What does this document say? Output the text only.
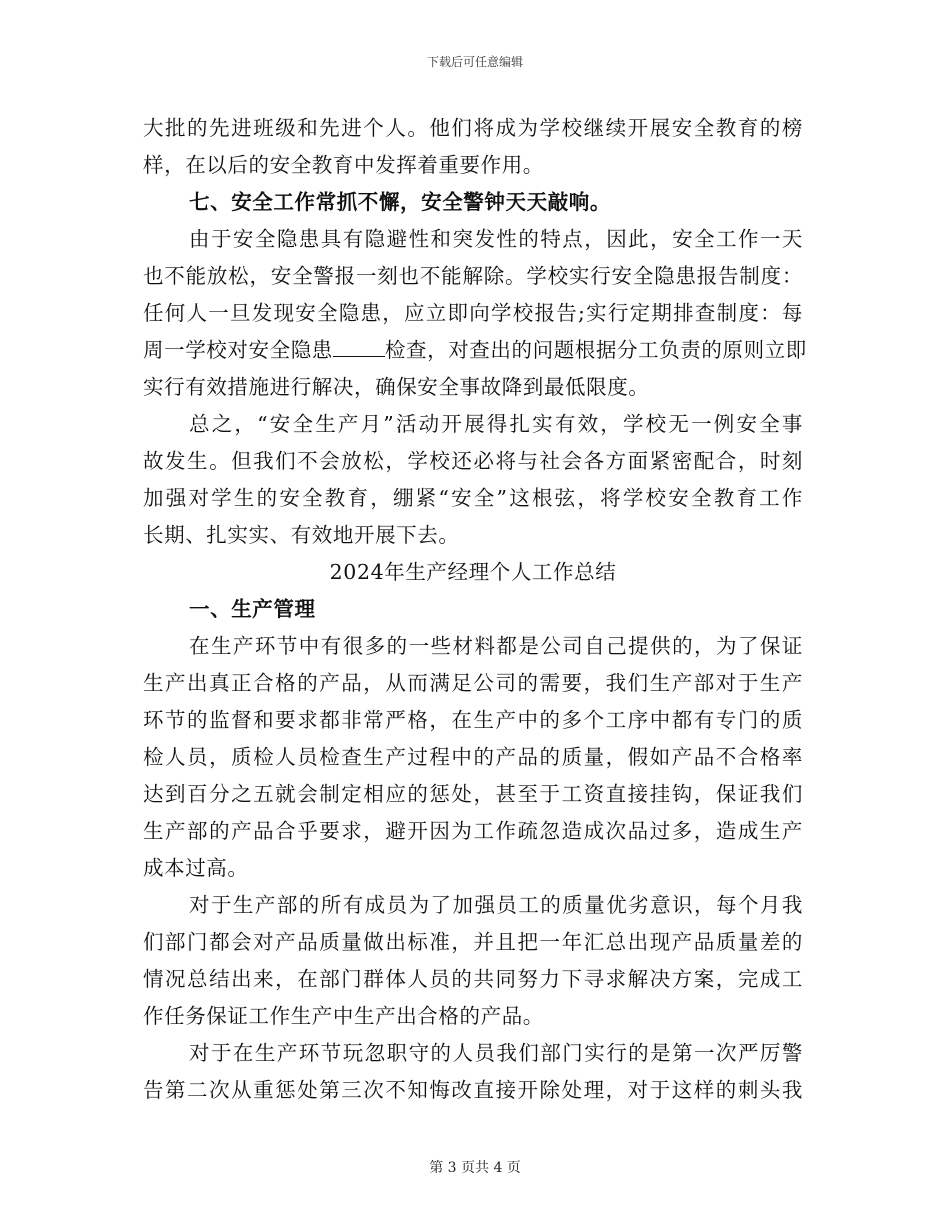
下载后可任意编辑
大批的先进班级和先进个人。他们将成为学校继续开展安全教育的榜
样，在以后的安全教育中发挥着重要作用。
七、安全工作常抓不懈，安全警钟天天敲响。
由于安全隐患具有隐避性和突发性的特点，因此，安全工作一天
也不能放松，安全警报一刻也不能解除。学校实行安全隐患报告制度：
任何人一旦发现安全隐患，应立即向学校报告;实行定期排查制度：每
周一学校对安全隐患	检查，对查出的问题根据分工负责的原则立即
实行有效措施进行解决，确保安全事故降到最低限度。
总之，“安全生产月”活动开展得扎实有效，学校无一例安全事
故发生。但我们不会放松，学校还必将与社会各方面紧密配合，时刻
加强对学生的安全教育，绷紧“安全”这根弦，将学校安全教育工作
长期、扎实实、有效地开展下去。
2024年生产经理个人工作总结
一、生产管理
在生产环节中有很多的一些材料都是公司自己提供的，为了保证
生产出真正合格的产品，从而满足公司的需要，我们生产部对于生产
环节的监督和要求都非常严格，在生产中的多个工序中都有专门的质
检人员，质检人员检查生产过程中的产品的质量，假如产品不合格率
达到百分之五就会制定相应的惩处，甚至于工资直接挂钩，保证我们
生产部的产品合乎要求，避开因为工作疏忽造成次品过多，造成生产
成本过高。
对于生产部的所有成员为了加强员工的质量优劣意识，每个月我
们部门都会对产品质量做出标准，并且把一年汇总出现产品质量差的
情况总结出来，在部门群体人员的共同努力下寻求解决方案，完成工
作任务保证工作生产中生产出合格的产品。
对于在生产环节玩忽职守的人员我们部门实行的是第一次严厉警
告第二次从重惩处第三次不知悔改直接开除处理，对于这样的刺头我
第 3 页共 4 页
